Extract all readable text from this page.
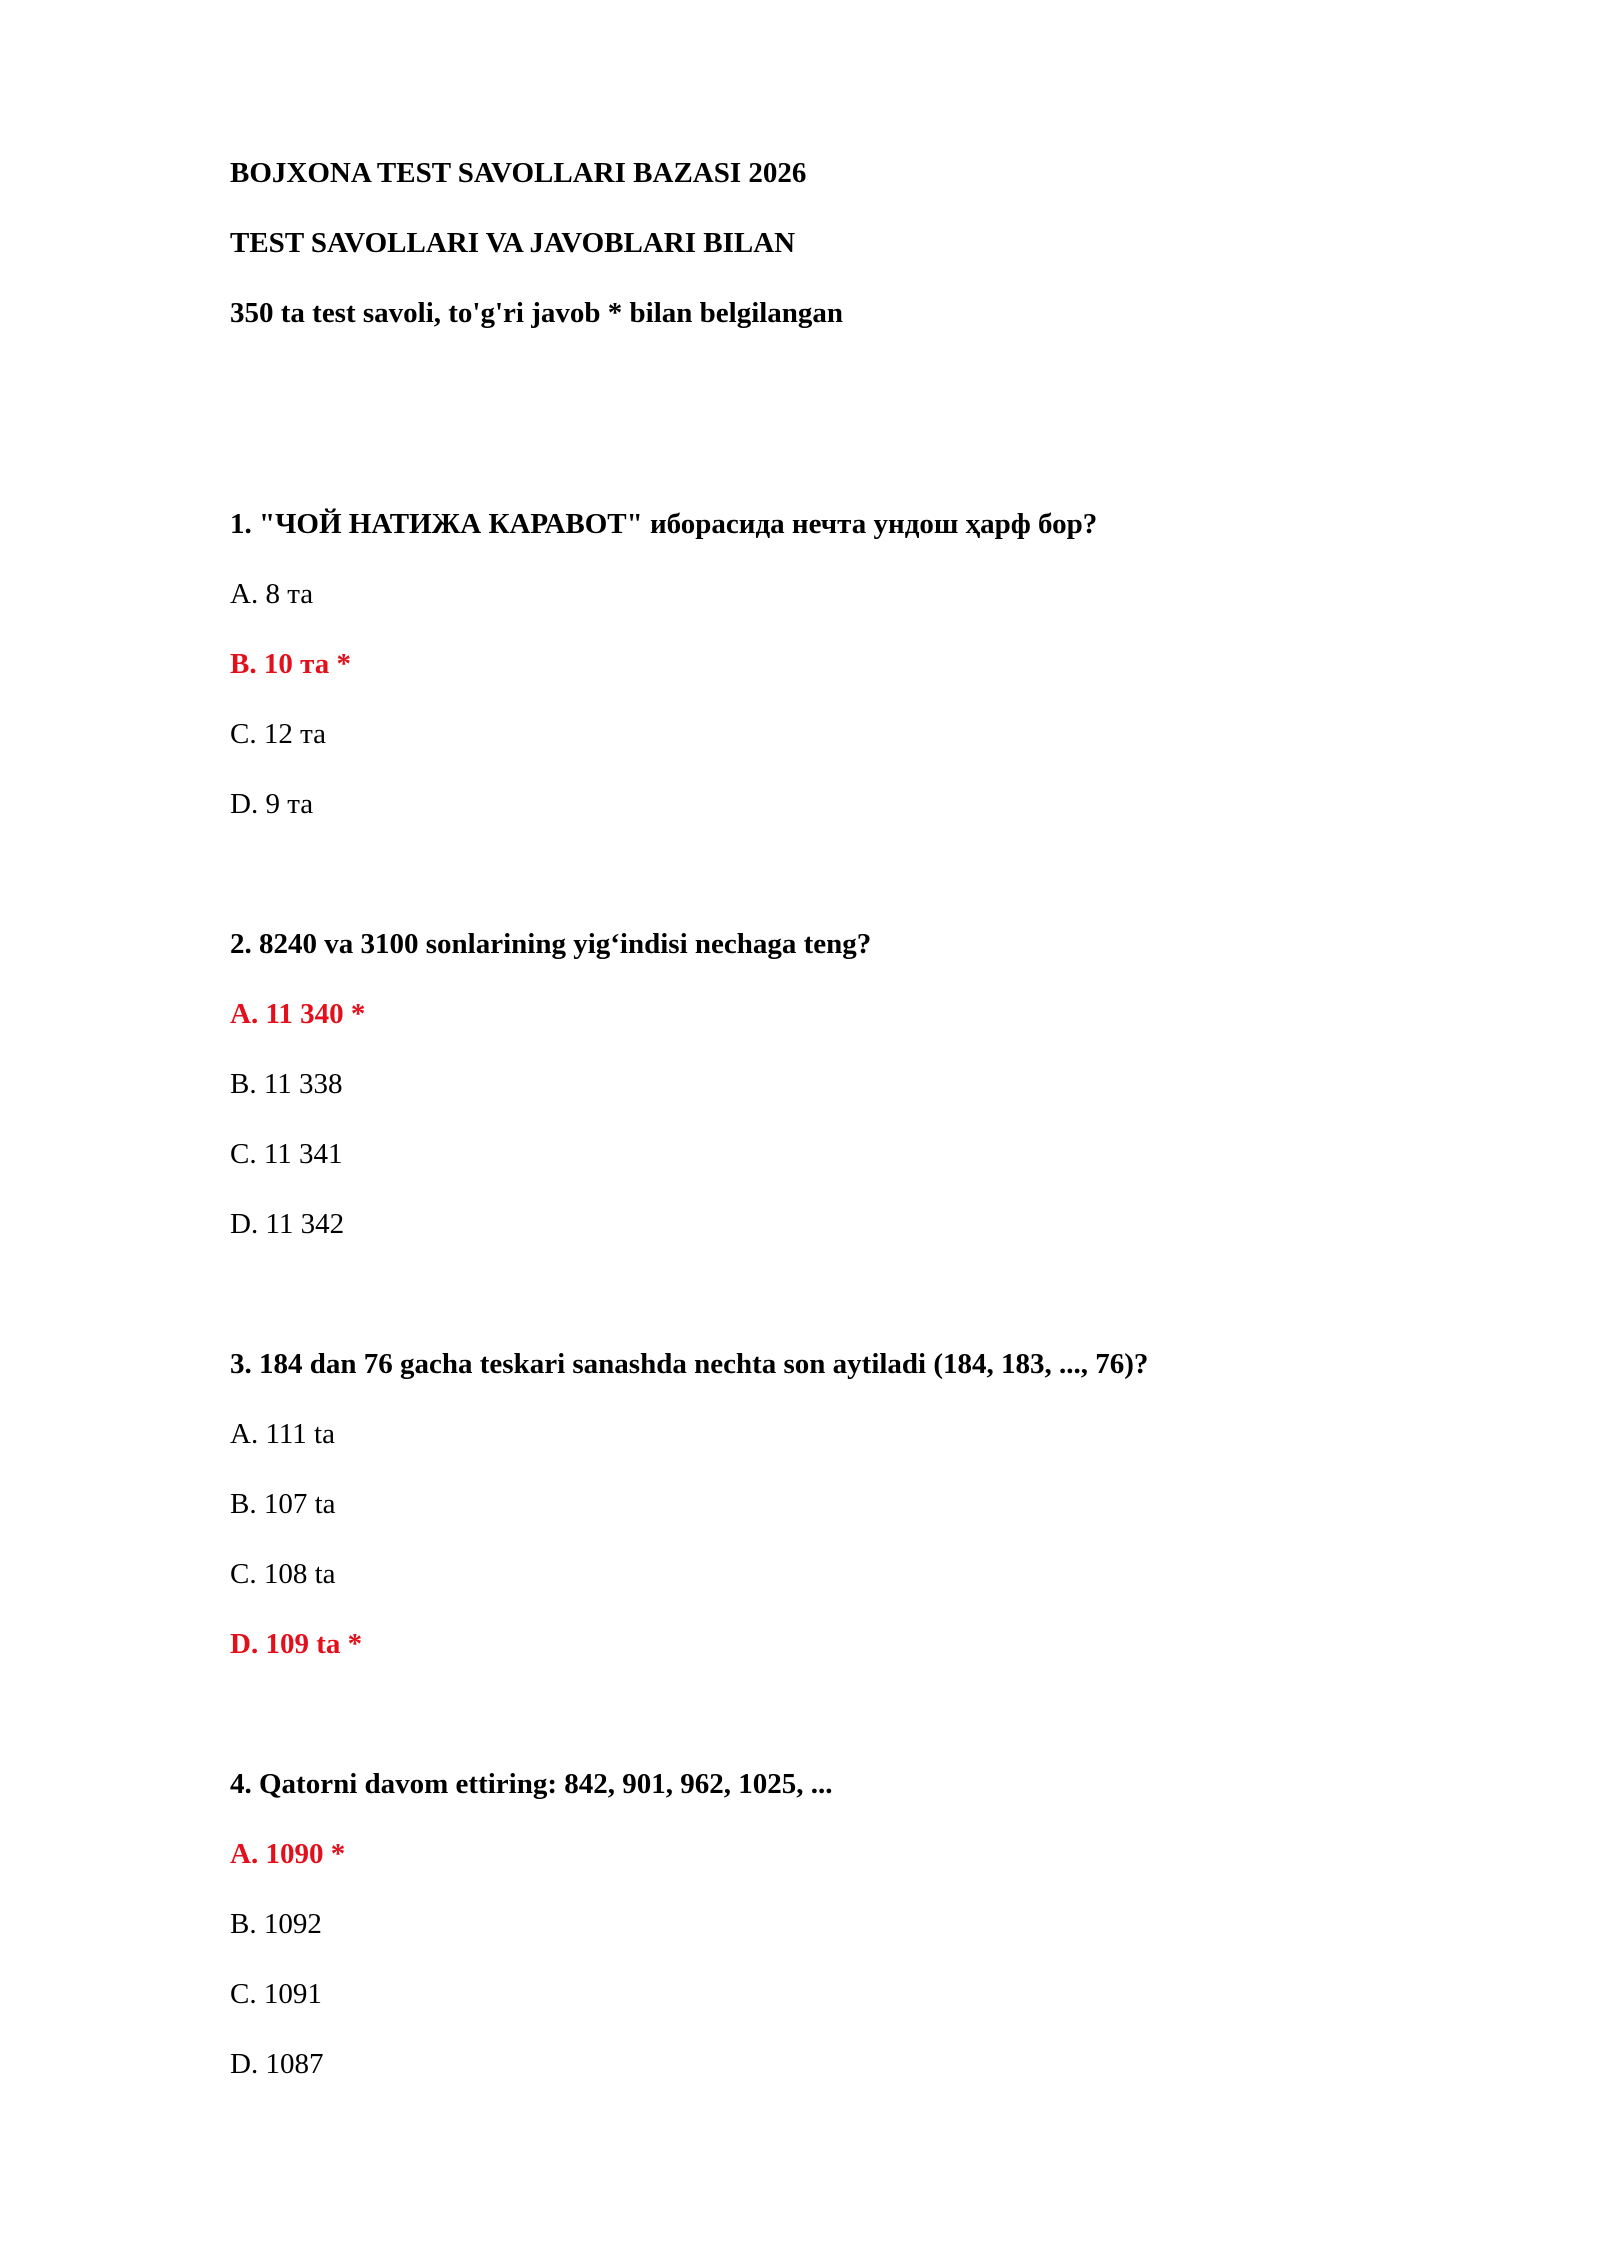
BOJXONA TEST SAVOLLARI BAZASI 2026
TEST SAVOLLARI VA JAVOBLARI BILAN
350 ta test savoli, to'g'ri javob * bilan belgilangan
1. "ЧОЙ НАТИЖА КАРАВОТ" иборасида нечта ундош ҳарф бор?
A. 8 та
B. 10 та *
C. 12 та
D. 9 та
2. 8240 va 3100 sonlarining yig‘indisi nechaga teng?
A. 11 340 *
B. 11 338
C. 11 341
D. 11 342
3. 184 dan 76 gacha teskari sanashda nechta son aytiladi (184, 183, ..., 76)?
A. 111 ta
B. 107 ta
C. 108 ta
D. 109 ta *
4. Qatorni davom ettiring: 842, 901, 962, 1025, ...
A. 1090 *
B. 1092
C. 1091
D. 1087
